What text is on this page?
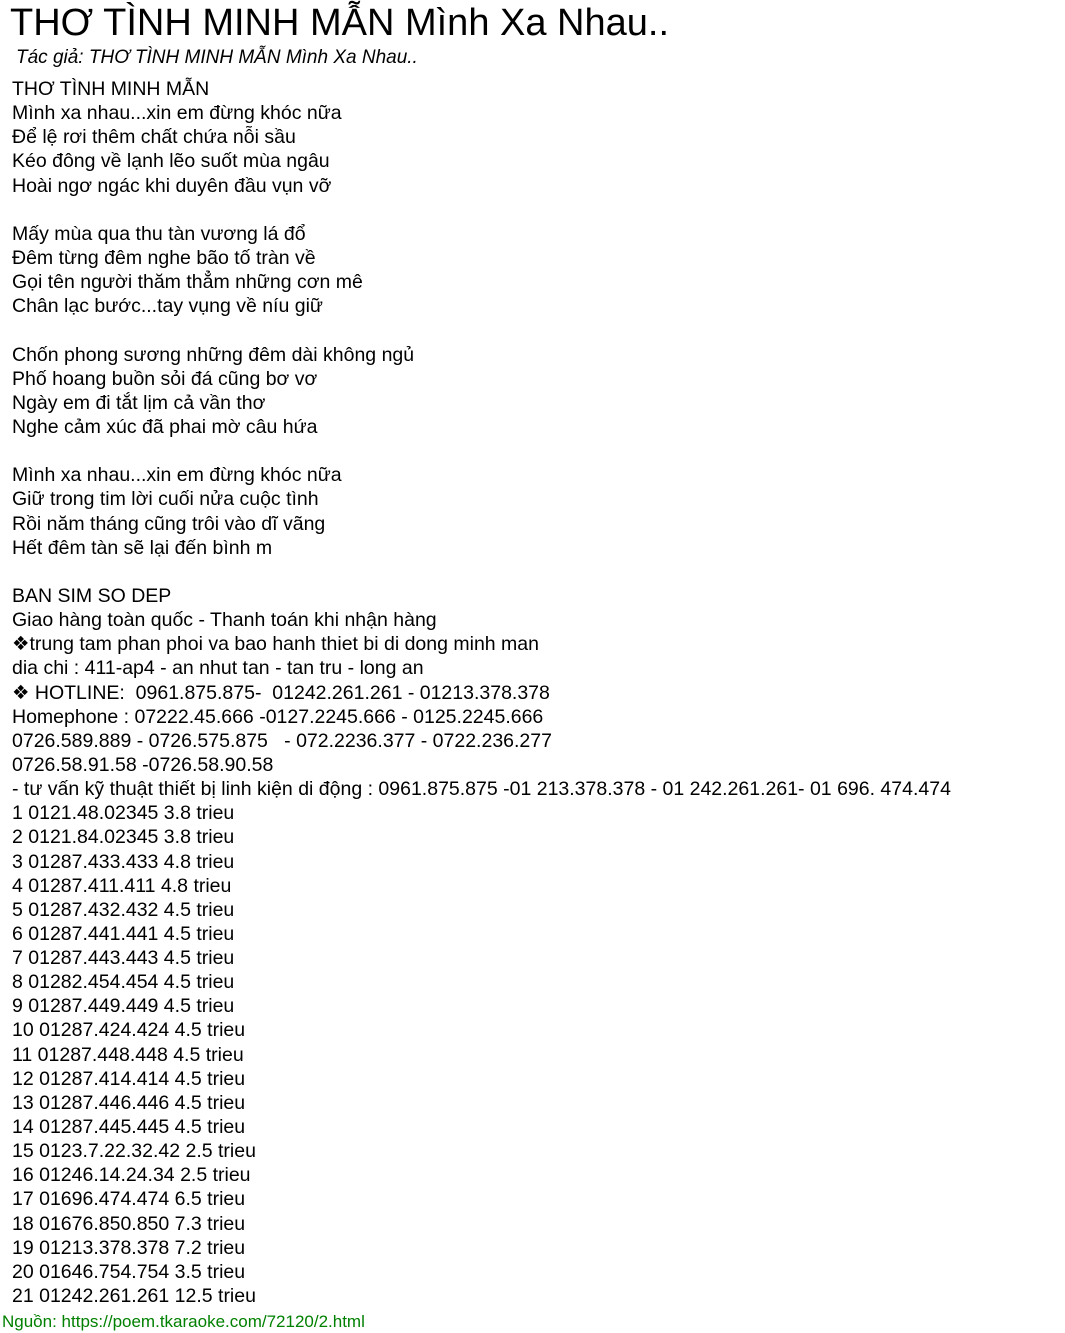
THƠ TÌNH MINH MẪN Mình Xa Nhau..
Tác giả: THƠ TÌNH MINH MẪN Mình Xa Nhau..
THƠ TÌNH MINH MẪN
Mình xa nhau...xin em đừng khóc nữa
Để lệ rơi thêm chất chứa nỗi sầu
Kéo đông về lạnh lẽo suốt mùa ngâu
Hoài ngơ ngác khi duyên đầu vụn vỡ
Mấy mùa qua thu tàn vương lá đổ
Đêm từng đêm nghe bão tố tràn về
Gọi tên người thăm thẳm những cơn mê
Chân lạc bước...tay vụng về níu giữ
Chốn phong sương những đêm dài không ngủ
Phố hoang buồn sỏi đá cũng bơ vơ
Ngày em đi tắt lịm cả vần thơ
Nghe cảm xúc đã phai mờ câu hứa
Mình xa nhau...xin em đừng khóc nữa
Giữ trong tim lời cuối nửa cuộc tình
Rồi năm tháng cũng trôi vào dĩ vãng
Hết đêm tàn sẽ lại đến bình m
BAN SIM SO DEP
Giao hàng toàn quốc - Thanh toán khi nhận hàng
❖trung tam phan phoi va bao hanh thiet bi di dong minh man
dia chi : 411-ap4 - an nhut tan - tan tru - long an
❖ HOTLINE:  0961.875.875-  01242.261.261 - 01213.378.378
Homephone : 07222.45.666 -0127.2245.666 - 0125.2245.666
0726.589.889 - 0726.575.875   - 072.2236.377 - 0722.236.277
0726.58.91.58 -0726.58.90.58
- tư vấn kỹ thuật thiết bị linh kiện di động : 0961.875.875 -01 213.378.378 - 01 242.261.261- 01 696. 474.474
1 0121.48.02345 3.8 trieu
2 0121.84.02345 3.8 trieu
3 01287.433.433 4.8 trieu
4 01287.411.411 4.8 trieu
5 01287.432.432 4.5 trieu
6 01287.441.441 4.5 trieu
7 01287.443.443 4.5 trieu
8 01282.454.454 4.5 trieu
9 01287.449.449 4.5 trieu
10 01287.424.424 4.5 trieu
11 01287.448.448 4.5 trieu
12 01287.414.414 4.5 trieu
13 01287.446.446 4.5 trieu
14 01287.445.445 4.5 trieu
15 0123.7.22.32.42 2.5 trieu
16 01246.14.24.34 2.5 trieu
17 01696.474.474 6.5 trieu
18 01676.850.850 7.3 trieu
19 01213.378.378 7.2 trieu
20 01646.754.754 3.5 trieu
21 01242.261.261 12.5 trieu
Nguồn: https://poem.tkaraoke.com/72120/2.html
